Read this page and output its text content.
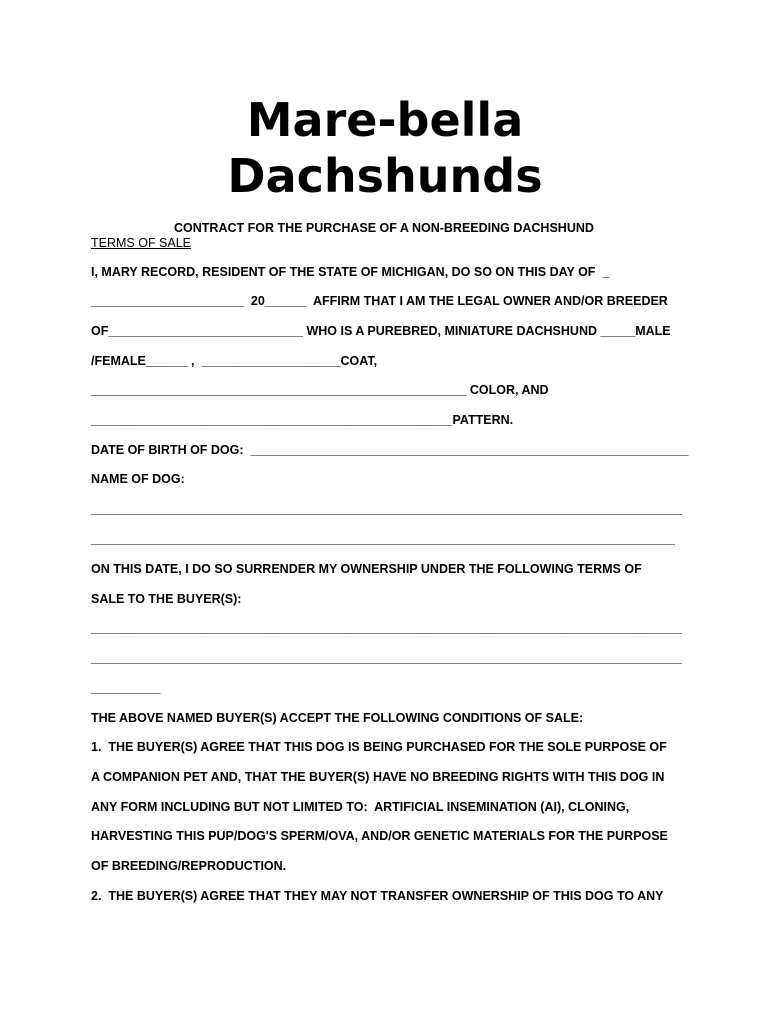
Mare-bella
Dachshunds
CONTRACT FOR THE PURCHASE OF A NON-BREEDING DACHSHUND
TERMS OF SALE
I, MARY RECORD, RESIDENT OF THE STATE OF MICHIGAN, DO SO ON THIS DAY OF  _
______________________  20______  AFFIRM THAT I AM THE LEGAL OWNER AND/OR BREEDER
OF____________________________ WHO IS A PUREBRED, MINIATURE DACHSHUND _____MALE
/FEMALE______ ,  ____________________COAT,
______________________________________________________ COLOR, AND
____________________________________________________PATTERN.
DATE OF BIRTH OF DOG:  _______________________________________________________________
NAME OF DOG:
_____________________________________________________________________________________
____________________________________________________________________________________
ON THIS DATE, I DO SO SURRENDER MY OWNERSHIP UNDER THE FOLLOWING TERMS OF
SALE TO THE BUYER(S):
_____________________________________________________________________________________
_____________________________________________________________________________________
__________
THE ABOVE NAMED BUYER(S) ACCEPT THE FOLLOWING CONDITIONS OF SALE:
1.  THE BUYER(S) AGREE THAT THIS DOG IS BEING PURCHASED FOR THE SOLE PURPOSE OF
A COMPANION PET AND, THAT THE BUYER(S) HAVE NO BREEDING RIGHTS WITH THIS DOG IN
ANY FORM INCLUDING BUT NOT LIMITED TO:  ARTIFICIAL INSEMINATION (AI), CLONING,
HARVESTING THIS PUP/DOG'S SPERM/OVA, AND/OR GENETIC MATERIALS FOR THE PURPOSE
OF BREEDING/REPRODUCTION.
2.  THE BUYER(S) AGREE THAT THEY MAY NOT TRANSFER OWNERSHIP OF THIS DOG TO ANY
